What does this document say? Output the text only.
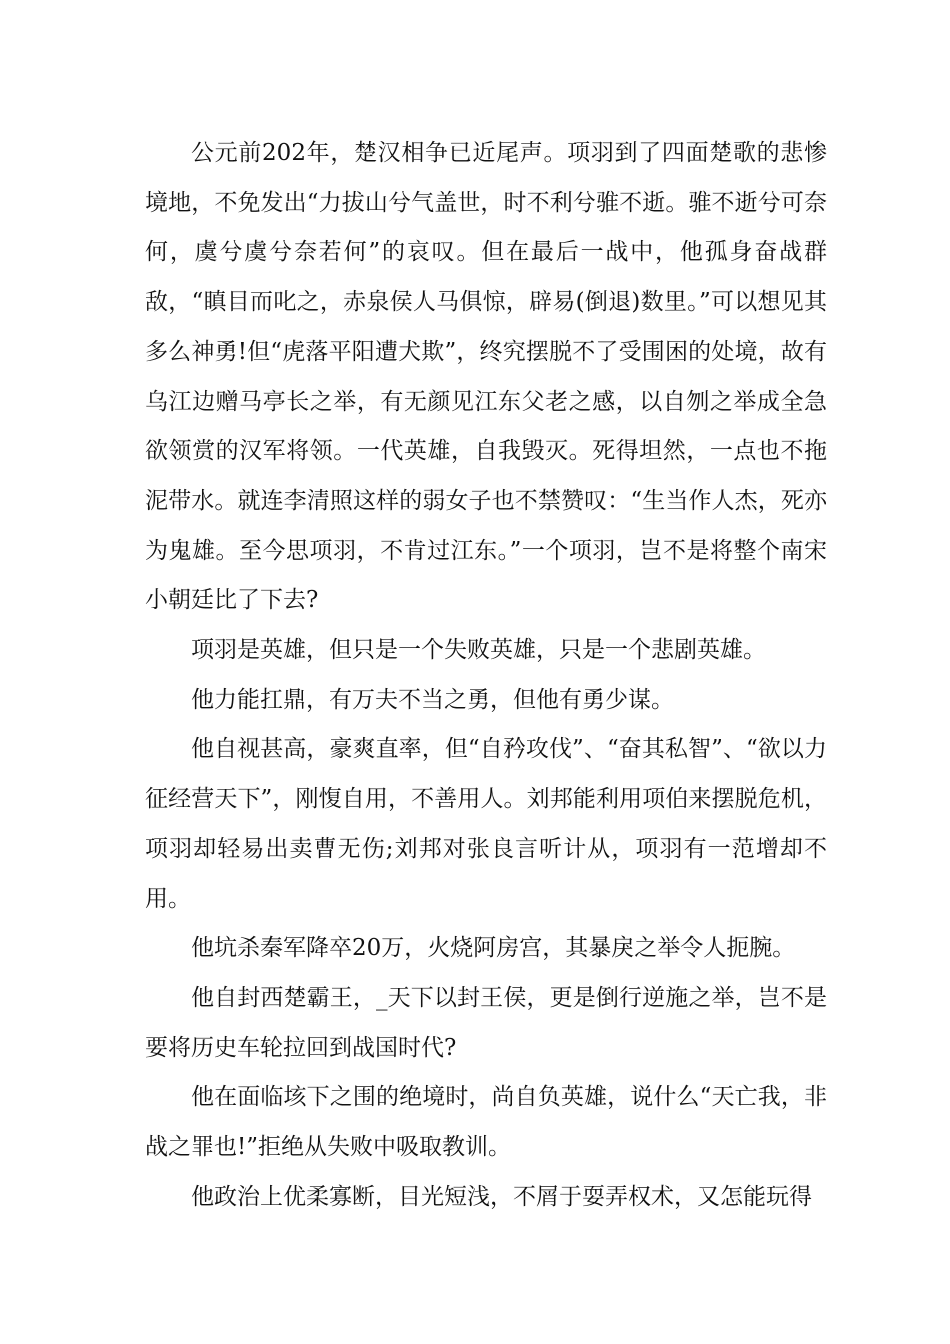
公元前202年，楚汉相争已近尾声。项羽到了四面楚歌的悲惨境地，不免发出“力拔山兮气盖世，时不利兮骓不逝。骓不逝兮可奈何，虞兮虞兮奈若何”的哀叹。但在最后一战中，他孤身奋战群敌，“瞋目而叱之，赤泉侯人马俱惊，辟易(倒退)数里。”可以想见其多么神勇!但“虎落平阳遭犬欺”，终究摆脱不了受围困的处境，故有乌江边赠马亭长之举，有无颜见江东父老之感，以自刎之举成全急欲领赏的汉军将领。一代英雄，自我毁灭。死得坦然，一点也不拖泥带水。就连李清照这样的弱女子也不禁赞叹：“生当作人杰，死亦为鬼雄。至今思项羽，不肯过江东。”一个项羽，岂不是将整个南宋小朝廷比了下去?

项羽是英雄，但只是一个失败英雄，只是一个悲剧英雄。

他力能扛鼎，有万夫不当之勇，但他有勇少谋。

他自视甚高，豪爽直率，但“自矜攻伐”、“奋其私智”、“欲以力征经营天下”，刚愎自用，不善用人。刘邦能利用项伯来摆脱危机，项羽却轻易出卖曹无伤;刘邦对张良言听计从，项羽有一范增却不用。

他坑杀秦军降卒20万，火烧阿房宫，其暴戾之举令人扼腕。

他自封西楚霸王，_天下以封王侯，更是倒行逆施之举，岂不是要将历史车轮拉回到战国时代?

他在面临垓下之围的绝境时，尚自负英雄，说什么“天亡我，非战之罪也!”拒绝从失败中吸取教训。

他政治上优柔寡断，目光短浅，不屑于耍弄权术，又怎能玩得
